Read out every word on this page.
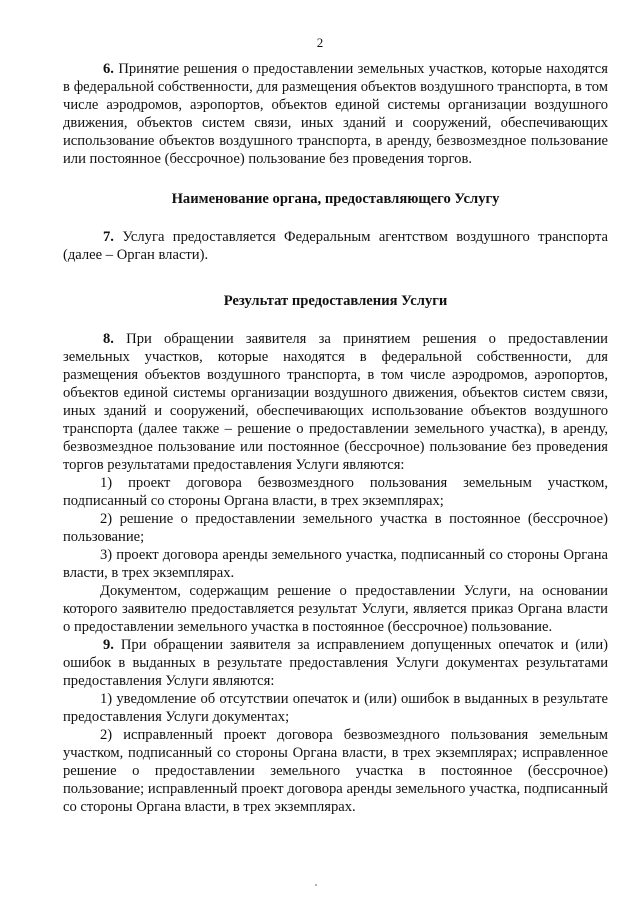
2

6. Принятие решения о предоставлении земельных участков, которые находятся в федеральной собственности, для размещения объектов воздушного транспорта, в том числе аэродромов, аэропортов, объектов единой системы организации воздушного движения, объектов систем связи, иных зданий и сооружений, обеспечивающих использование объектов воздушного транспорта, в аренду, безвозмездное пользование или постоянное (бессрочное) пользование без проведения торгов.

Наименование органа, предоставляющего Услугу

7. Услуга предоставляется Федеральным агентством воздушного транспорта (далее – Орган власти).

Результат предоставления Услуги

8. При обращении заявителя за принятием решения о предоставлении земельных участков, которые находятся в федеральной собственности, для размещения объектов воздушного транспорта, в том числе аэродромов, аэропортов, объектов единой системы организации воздушного движения, объектов систем связи, иных зданий и сооружений, обеспечивающих использование объектов воздушного транспорта (далее также – решение о предоставлении земельного участка), в аренду, безвозмездное пользование или постоянное (бессрочное) пользование без проведения торгов результатами предоставления Услуги являются:

1) проект договора безвозмездного пользования земельным участком, подписанный со стороны Органа власти, в трех экземплярах;

2) решение о предоставлении земельного участка в постоянное (бессрочное) пользование;

3) проект договора аренды земельного участка, подписанный со стороны Органа власти, в трех экземплярах.

Документом, содержащим решение о предоставлении Услуги, на основании которого заявителю предоставляется результат Услуги, является приказ Органа власти о предоставлении земельного участка в постоянное (бессрочное) пользование.

9. При обращении заявителя за исправлением допущенных опечаток и (или) ошибок в выданных в результате предоставления Услуги документах результатами предоставления Услуги являются:

1) уведомление об отсутствии опечаток и (или) ошибок в выданных в результате предоставления Услуги документах;

2) исправленный проект договора безвозмездного пользования земельным участком, подписанный со стороны Органа власти, в трех экземплярах; исправленное решение о предоставлении земельного участка в постоянное (бессрочное) пользование; исправленный проект договора аренды земельного участка, подписанный со стороны Органа власти, в трех экземплярах.
